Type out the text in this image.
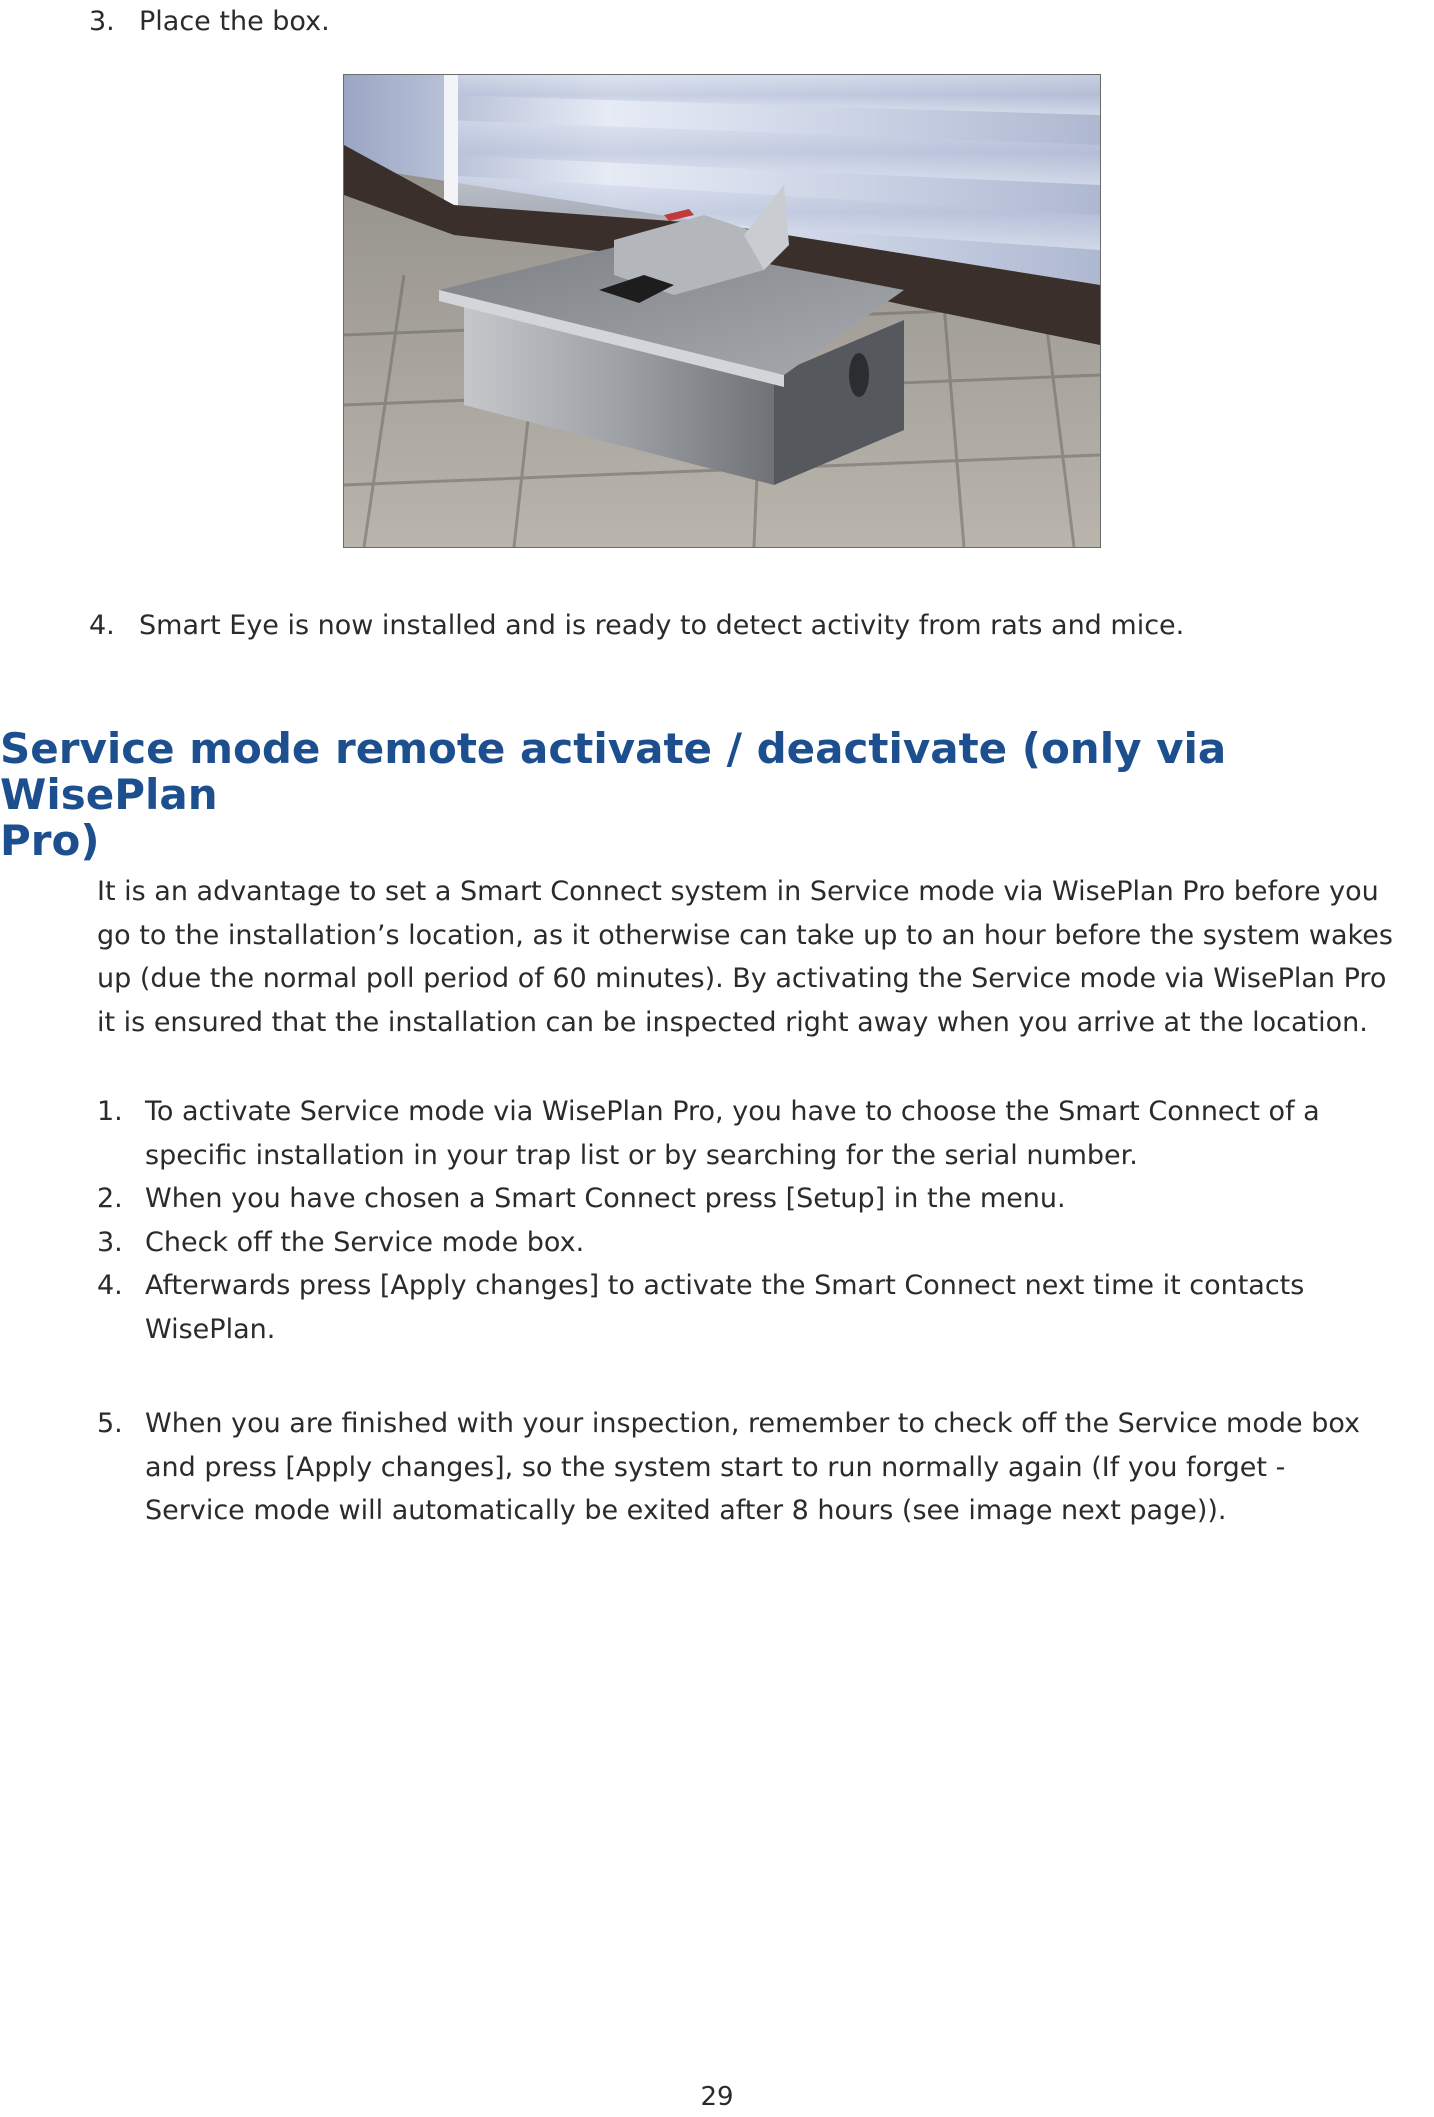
3. Place the box.
4. Smart Eye is now installed and is ready to detect activity from rats and mice.
Service mode remote activate / deactivate (only via WisePlan
Pro)
It is an advantage to set a Smart Connect system in Service mode via WisePlan Pro before you
go to the installation’s location, as it otherwise can take up to an hour before the system wakes
up (due the normal poll period of 60 minutes). By activating the Service mode via WisePlan Pro
it is ensured that the installation can be inspected right away when you arrive at the location.
1. To activate Service mode via WisePlan Pro, you have to choose the Smart Connect of a
speciﬁc installation in your trap list or by searching for the serial number.
2. When you have chosen a Smart Connect press [Setup] in the menu.
3. Check oﬀ the Service mode box.
4. Afterwards press [Apply changes] to activate the Smart Connect next time it contacts
WisePlan.
5. When you are ﬁnished with your inspection, remember to check oﬀ the Service mode box
and press [Apply changes], so the system start to run normally again (If you forget -
Service mode will automatically be exited after 8 hours (see image next page)).
29
